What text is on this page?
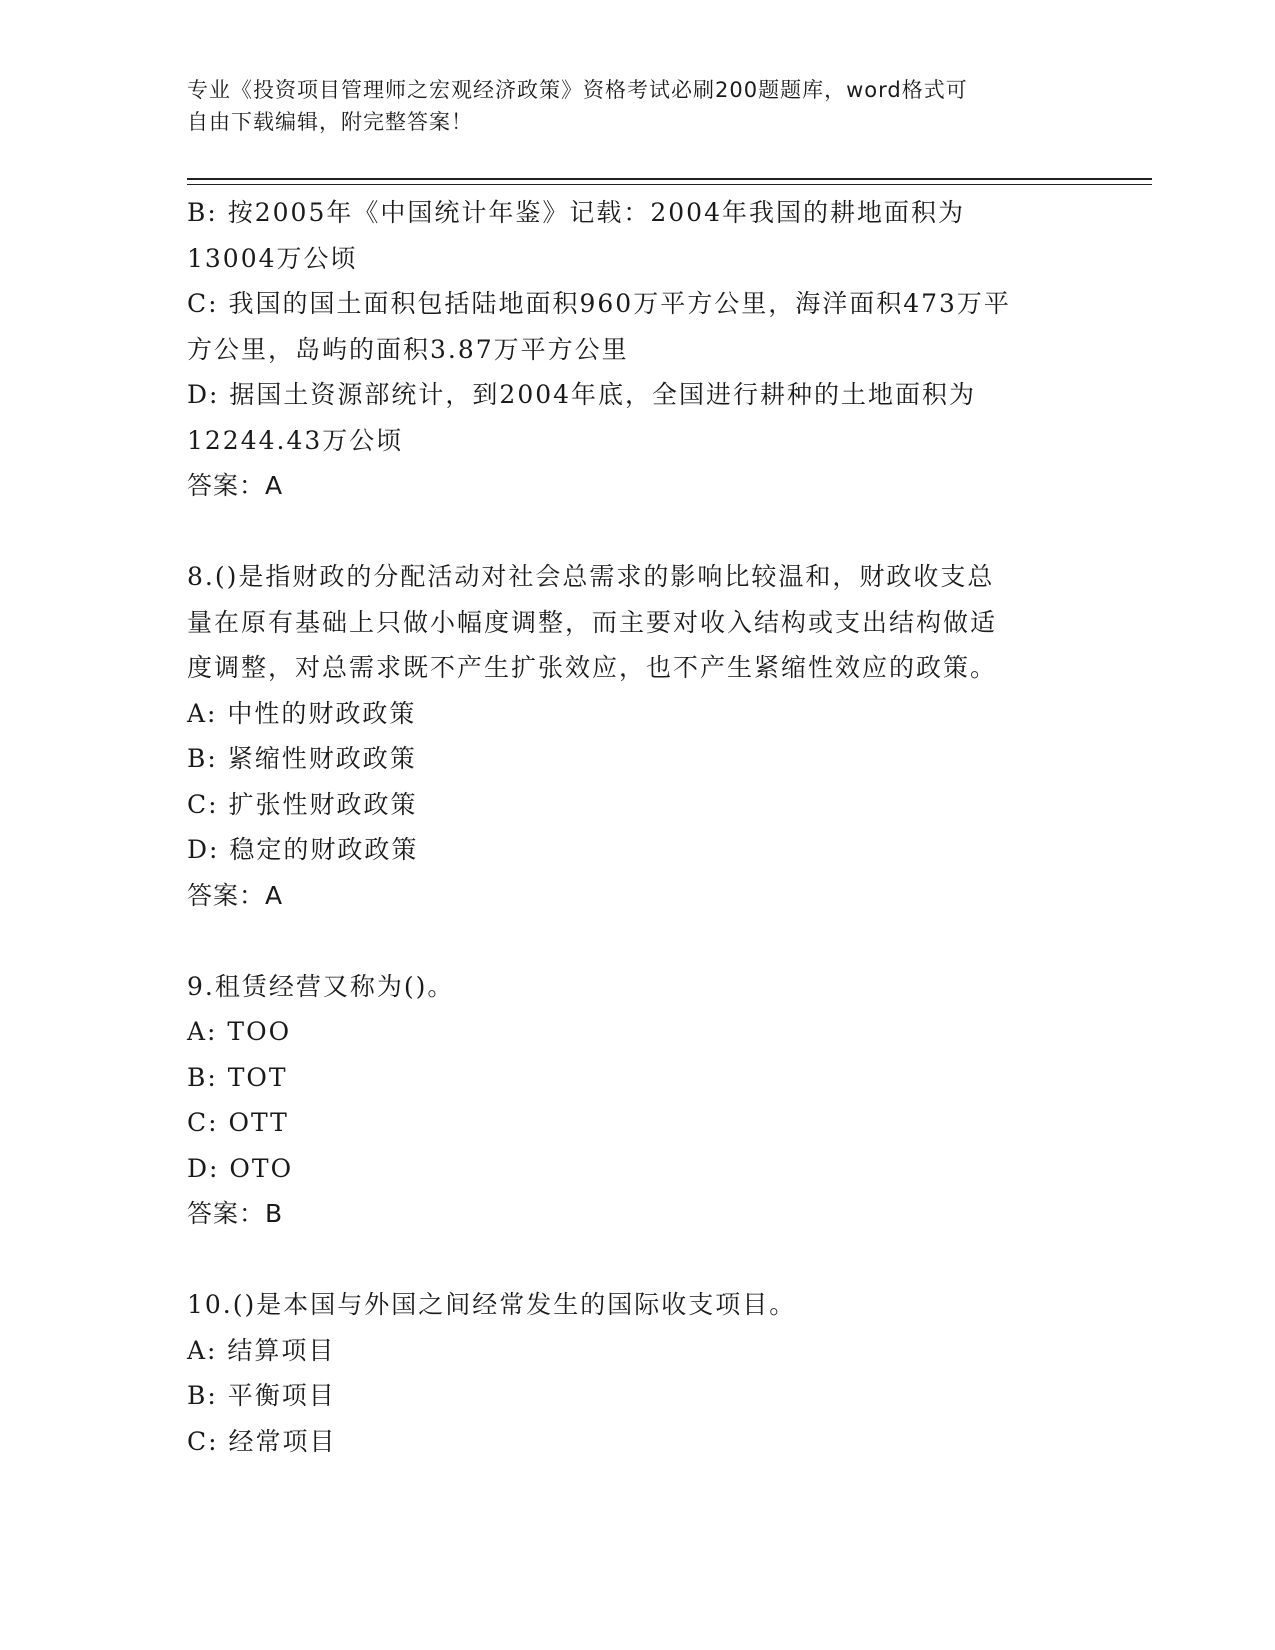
专业《投资项目管理师之宏观经济政策》资格考试必刷200题题库，word格式可
自由下载编辑，附完整答案！
B: 按2005年《中国统计年鉴》记载：2004年我国的耕地面积为
13004万公顷
C: 我国的国土面积包括陆地面积960万平方公里，海洋面积473万平
方公里，岛屿的面积3.87万平方公里
D: 据国土资源部统计，到2004年底，全国进行耕种的土地面积为
12244.43万公顷
答案：A
8.()是指财政的分配活动对社会总需求的影响比较温和，财政收支总
量在原有基础上只做小幅度调整，而主要对收入结构或支出结构做适
度调整，对总需求既不产生扩张效应，也不产生紧缩性效应的政策。
A: 中性的财政政策
B: 紧缩性财政政策
C: 扩张性财政政策
D: 稳定的财政政策
答案：A
9.租赁经营又称为()。
A: TOO
B: TOT
C: OTT
D: OTO
答案：B
10.()是本国与外国之间经常发生的国际收支项目。
A: 结算项目
B: 平衡项目
C: 经常项目
